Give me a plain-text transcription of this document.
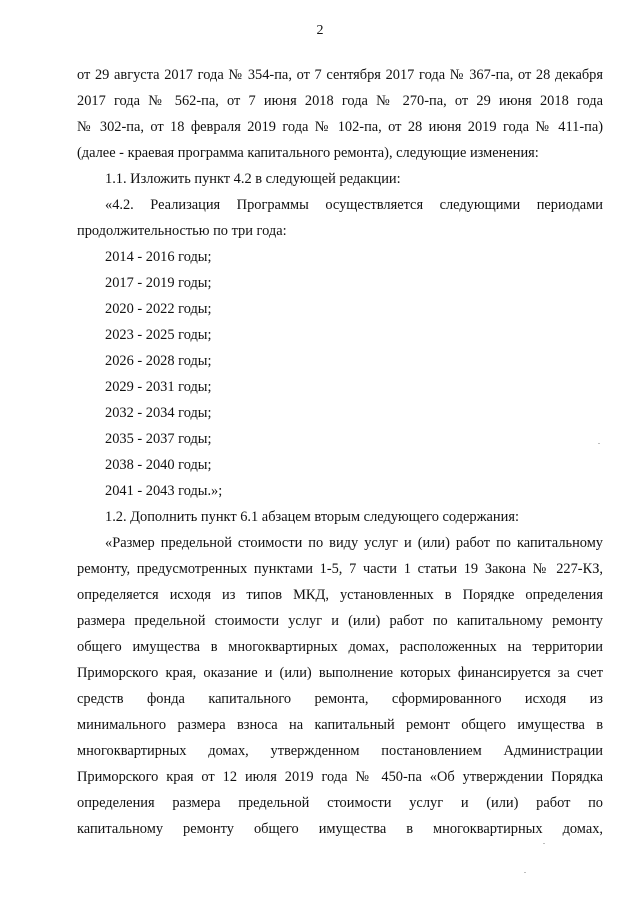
2
от 29 августа 2017 года № 354-па, от 7 сентября 2017 года № 367-па, от 28 декабря
2017 года № 562-па, от 7 июня 2018 года № 270-па, от 29 июня 2018 года
№ 302-па, от 18 февраля 2019 года № 102-па, от 28 июня 2019 года № 411-па)
(далее - краевая программа капитального ремонта), следующие изменения:
1.1. Изложить пункт 4.2 в следующей редакции:
«4.2. Реализация Программы осуществляется следующими периодами
продолжительностью по три года:
2014 - 2016 годы;
2017 - 2019 годы;
2020 - 2022 годы;
2023 - 2025 годы;
2026 - 2028 годы;
2029 - 2031 годы;
2032 - 2034 годы;
2035 - 2037 годы;
2038 - 2040 годы;
2041 - 2043 годы.»;
1.2. Дополнить пункт 6.1 абзацем вторым следующего содержания:
«Размер предельной стоимости по виду услуг и (или) работ по капитальному
ремонту, предусмотренных пунктами 1-5, 7 части 1 статьи 19 Закона № 227-КЗ,
определяется исходя из типов МКД, установленных в Порядке определения
размера предельной стоимости услуг и (или) работ по капитальному ремонту
общего имущества в многоквартирных домах, расположенных на территории
Приморского края, оказание и (или) выполнение которых финансируется за счет
средств фонда капитального ремонта, сформированного исходя из
минимального размера взноса на капитальный ремонт общего имущества в
многоквартирных домах, утвержденном постановлением Администрации
Приморского края от 12 июля 2019 года № 450-па «Об утверждении Порядка
определения размера предельной стоимости услуг и (или) работ по
капитальному ремонту общего имущества в многоквартирных домах,
